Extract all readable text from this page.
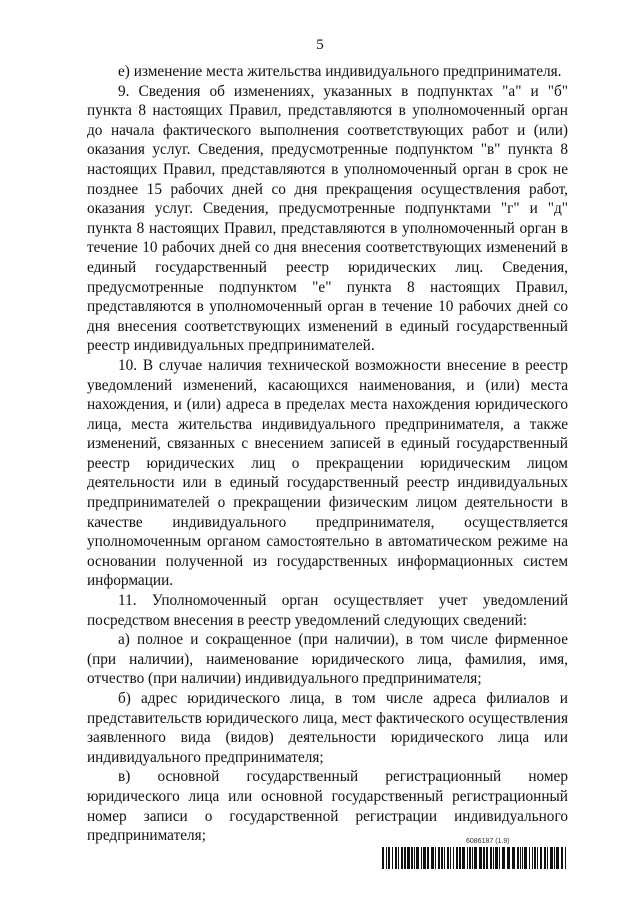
5

е) изменение места жительства индивидуального предпринимателя.

9. Сведения об изменениях, указанных в подпунктах "а" и "б" пункта 8 настоящих Правил, представляются в уполномоченный орган до начала фактического выполнения соответствующих работ и (или) оказания услуг. Сведения, предусмотренные подпунктом "в" пункта 8 настоящих Правил, представляются в уполномоченный орган в срок не позднее 15 рабочих дней со дня прекращения осуществления работ, оказания услуг. Сведения, предусмотренные подпунктами "г" и "д" пункта 8 настоящих Правил, представляются в уполномоченный орган в течение 10 рабочих дней со дня внесения соответствующих изменений в единый государственный реестр юридических лиц. Сведения, предусмотренные подпунктом "е" пункта 8 настоящих Правил, представляются в уполномоченный орган в течение 10 рабочих дней со дня внесения соответствующих изменений в единый государственный реестр индивидуальных предпринимателей.

10. В случае наличия технической возможности внесение в реестр уведомлений изменений, касающихся наименования, и (или) места нахождения, и (или) адреса в пределах места нахождения юридического лица, места жительства индивидуального предпринимателя, а также изменений, связанных с внесением записей в единый государственный реестр юридических лиц о прекращении юридическим лицом деятельности или в единый государственный реестр индивидуальных предпринимателей о прекращении физическим лицом деятельности в качестве индивидуального предпринимателя, осуществляется уполномоченным органом самостоятельно в автоматическом режиме на основании полученной из государственных информационных систем информации.

11. Уполномоченный орган осуществляет учет уведомлений посредством внесения в реестр уведомлений следующих сведений:

а) полное и сокращенное (при наличии), в том числе фирменное (при наличии), наименование юридического лица, фамилия, имя, отчество (при наличии) индивидуального предпринимателя;

б) адрес юридического лица, в том числе адреса филиалов и представительств юридического лица, мест фактического осуществления заявленного вида (видов) деятельности юридического лица или индивидуального предпринимателя;

в) основной государственный регистрационный номер юридического лица или основной государственный регистрационный номер записи о государственной регистрации индивидуального предпринимателя;	6086187 (1.9)
